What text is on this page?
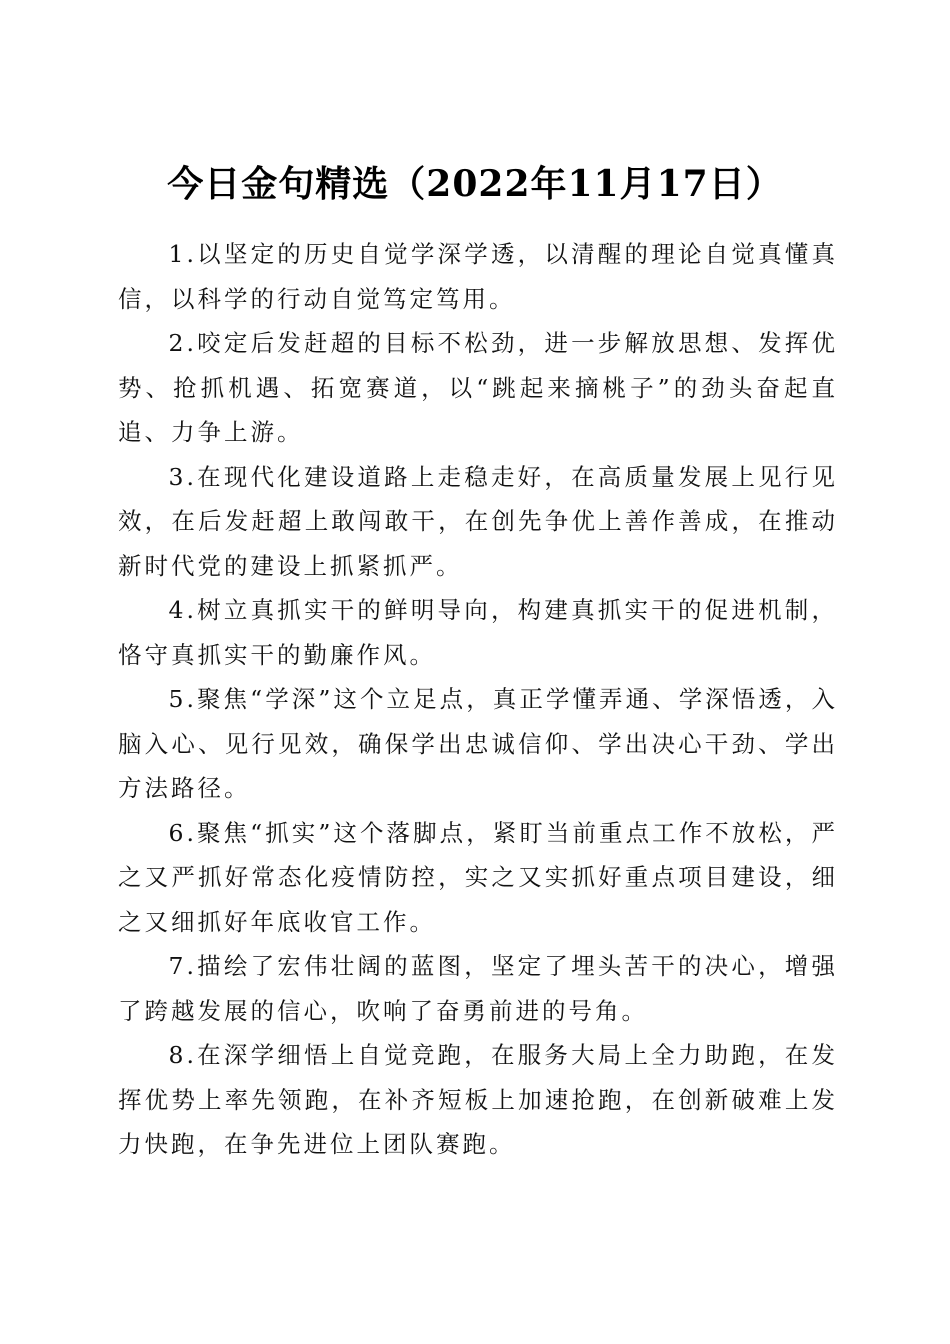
今日金句精选（2022年11月17日）

1.以坚定的历史自觉学深学透，以清醒的理论自觉真懂真信，以科学的行动自觉笃定笃用。

2.咬定后发赶超的目标不松劲，进一步解放思想、发挥优势、抢抓机遇、拓宽赛道，以“跳起来摘桃子”的劲头奋起直追、力争上游。

3.在现代化建设道路上走稳走好，在高质量发展上见行见效，在后发赶超上敢闯敢干，在创先争优上善作善成，在推动新时代党的建设上抓紧抓严。

4.树立真抓实干的鲜明导向，构建真抓实干的促进机制，恪守真抓实干的勤廉作风。

5.聚焦“学深”这个立足点，真正学懂弄通、学深悟透，入脑入心、见行见效，确保学出忠诚信仰、学出决心干劲、学出方法路径。

6.聚焦“抓实”这个落脚点，紧盯当前重点工作不放松，严之又严抓好常态化疫情防控，实之又实抓好重点项目建设，细之又细抓好年底收官工作。

7.描绘了宏伟壮阔的蓝图，坚定了埋头苦干的决心，增强了跨越发展的信心，吹响了奋勇前进的号角。

8.在深学细悟上自觉竞跑，在服务大局上全力助跑，在发挥优势上率先领跑，在补齐短板上加速抢跑，在创新破难上发力快跑，在争先进位上团队赛跑。
